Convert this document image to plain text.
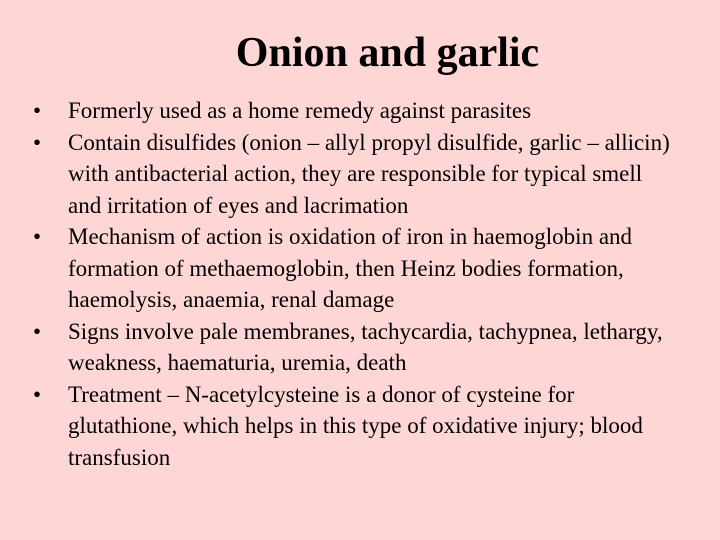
Onion and garlic
• Formerly used as a home remedy against parasites
• Contain disulfides (onion – allyl propyl disulfide, garlic – allicin) with antibacterial action, they are responsible for typical smell and irritation of eyes and lacrimation
• Mechanism of action is oxidation of iron in haemoglobin and formation of methaemoglobin, then Heinz bodies formation, haemolysis, anaemia, renal damage
• Signs involve pale membranes, tachycardia, tachypnea, lethargy, weakness, haematuria, uremia, death
• Treatment – N-acetylcysteine is a donor of cysteine for glutathione, which helps in this type of oxidative injury; blood transfusion
